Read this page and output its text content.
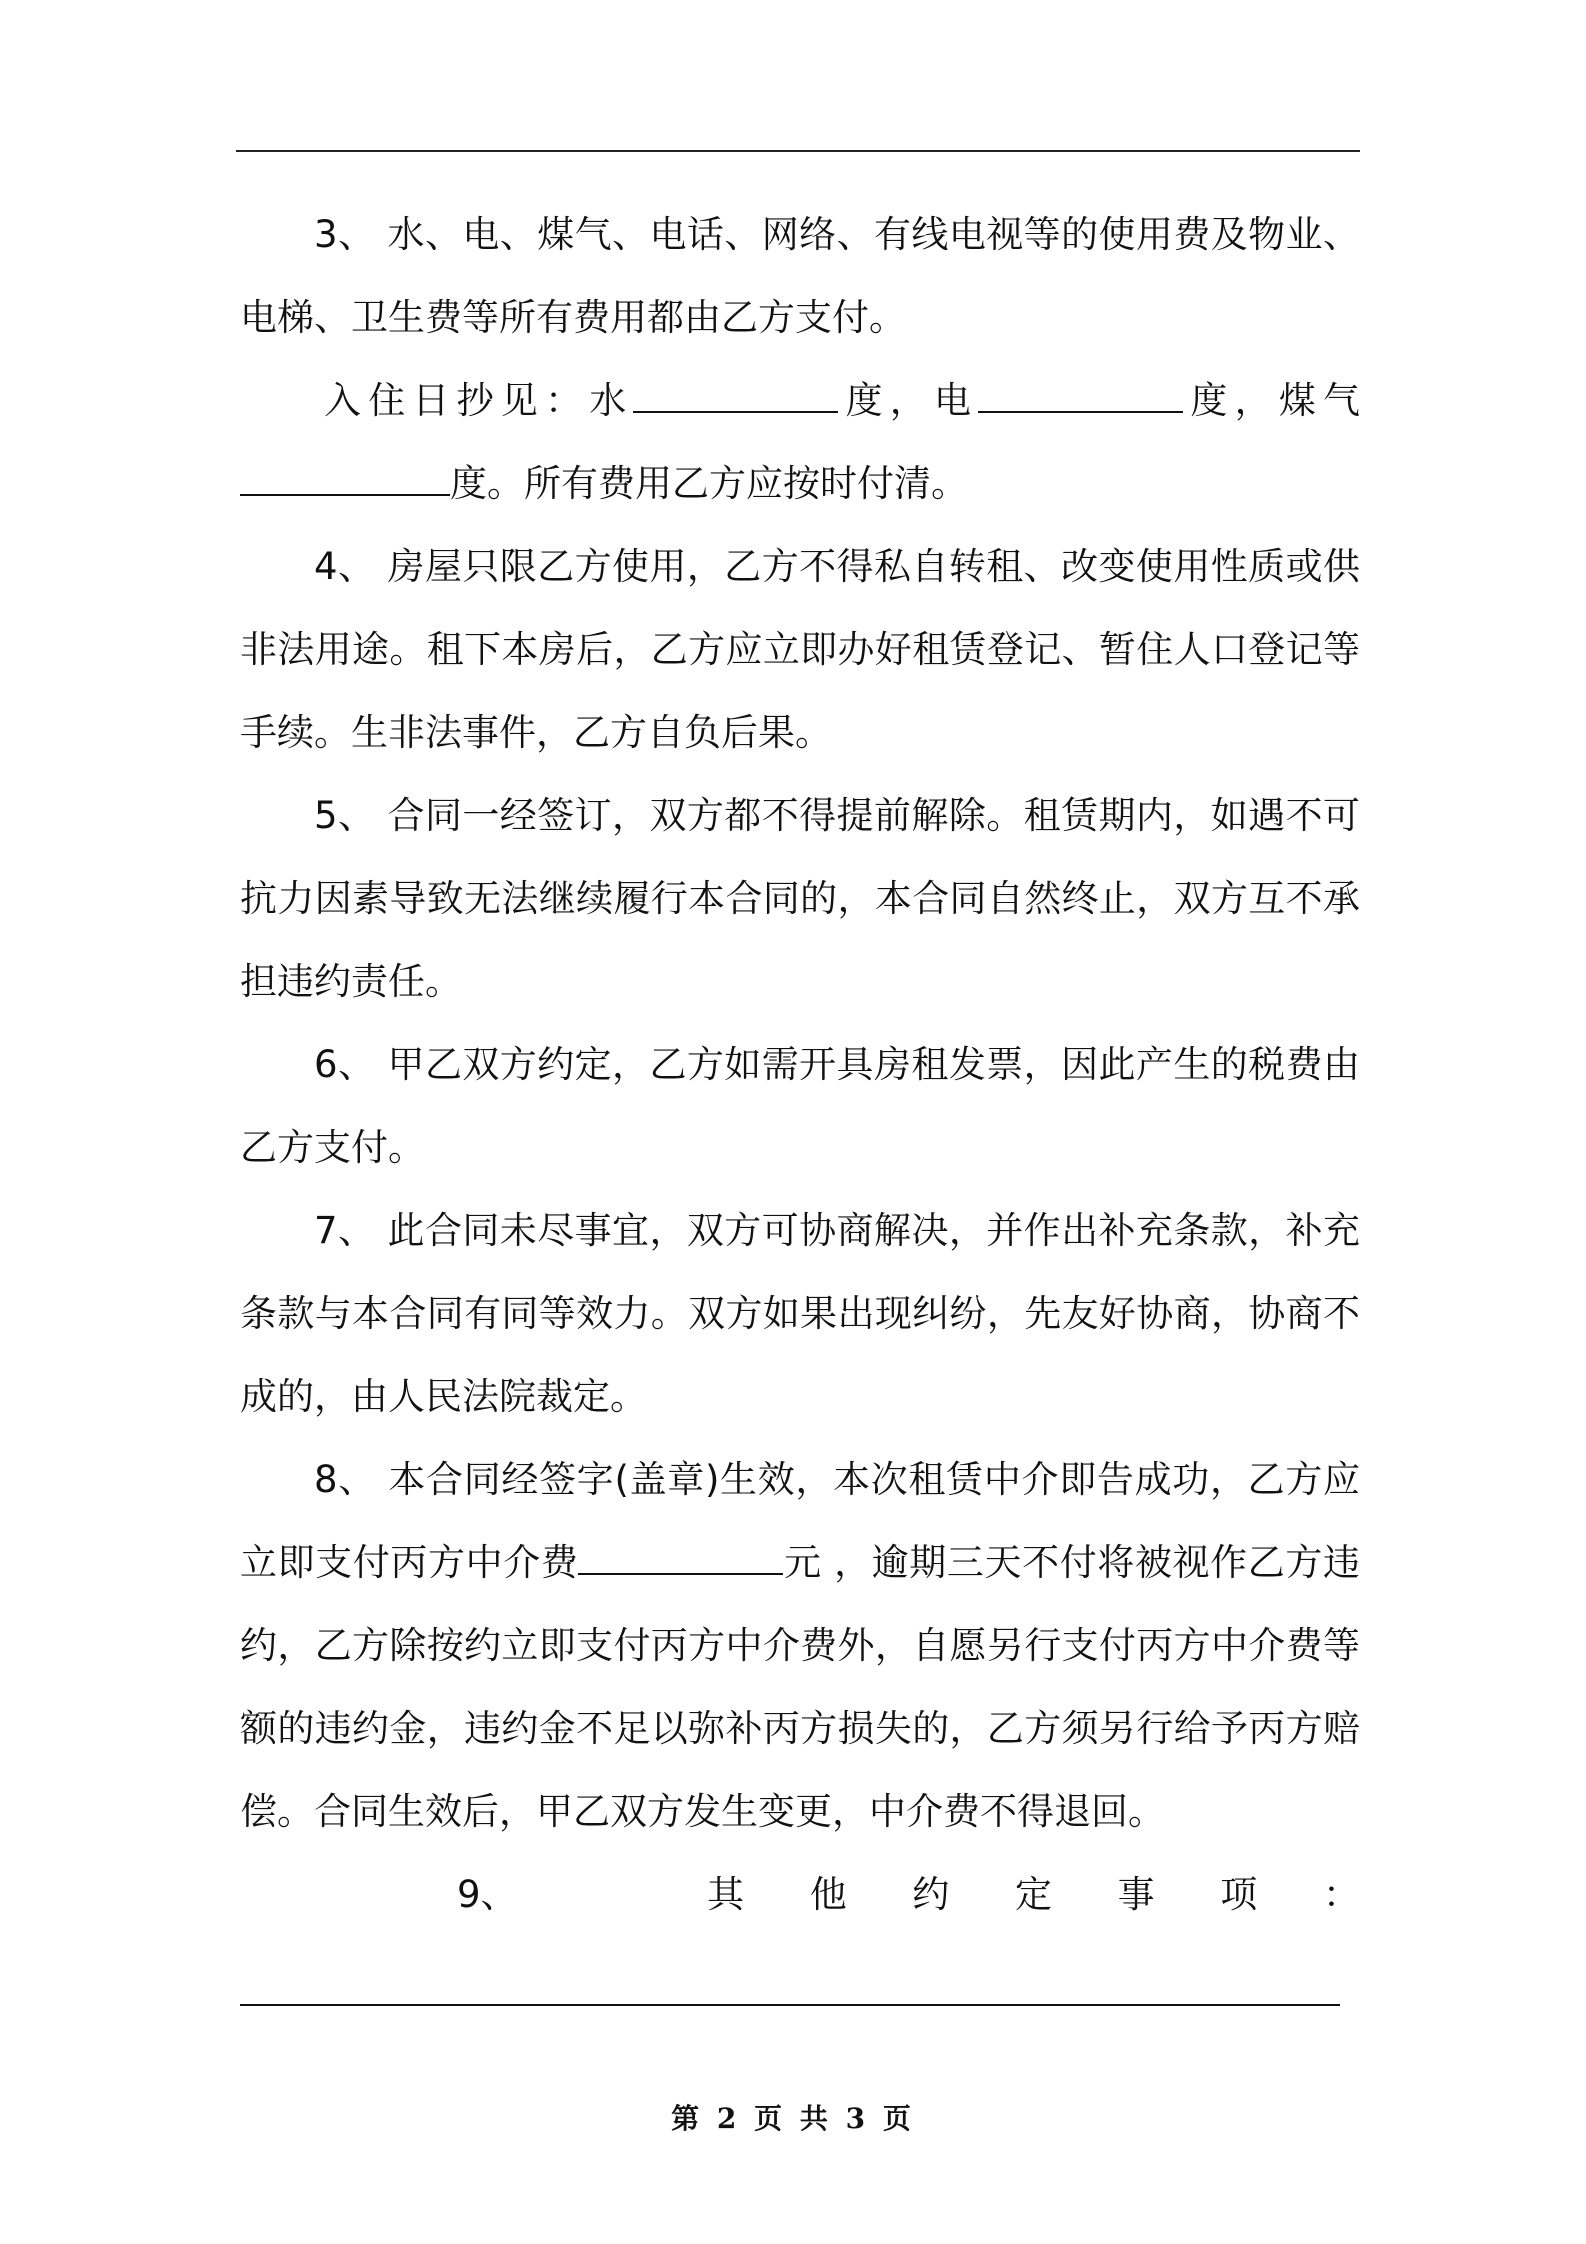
3、 水、电、煤气、电话、网络、有线电视等的使用费及物业、电梯、卫生费等所有费用都由乙方支付。

入住日抄见：水	度，电	度，煤气度。所有费用乙方应按时付清。

4、 房屋只限乙方使用，乙方不得私自转租、改变使用性质或供非法用途。租下本房后，乙方应立即办好租赁登记、暂住人口登记等手续。生非法事件，乙方自负后果。

5、 合同一经签订，双方都不得提前解除。租赁期内，如遇不可抗力因素导致无法继续履行本合同的，本合同自然终止，双方互不承担违约责任。

6、 甲乙双方约定，乙方如需开具房租发票，因此产生的税费由乙方支付。

7、 此合同未尽事宜，双方可协商解决，并作出补充条款，补充条款与本合同有同等效力。双方如果出现纠纷，先友好协商，协商不成的，由人民法院裁定。

8、 本合同经签字(盖章)生效，本次租赁中介即告成功，乙方应立即支付丙方中介费	元 ，逾期三天不付将被视作乙方违约，乙方除按约立即支付丙方中介费外，自愿另行支付丙方中介费等额的违约金，违约金不足以弥补丙方损失的，乙方须另行给予丙方赔偿。合同生效后，甲乙双方发生变更，中介费不得退回。

9、	其 他 约 定 事 项 ：
第 2 页 共 3 页
